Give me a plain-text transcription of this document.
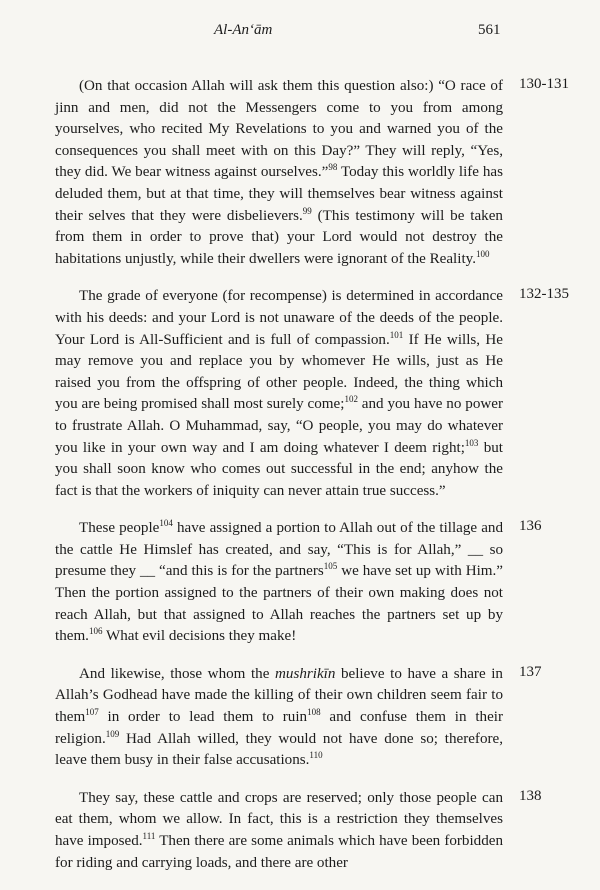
Al-An‘ām	561

(On that occasion Allah will ask them this question also:) “O race of jinn and men, did not the Messengers come to you from among yourselves, who recited My Revelations to you and warned you of the consequences you shall meet with on this Day?” They will reply, “Yes, they did. We bear witness against ourselves.”$^{98}$ Today this worldly life has deluded them, but at that time, they will themselves bear witness against their selves that they were disbelievers.$^{99}$ (This testimony will be taken from them in order to prove that) your Lord would not destroy the habitations unjustly, while their dwellers were ignorant of the Reality.$^{100}$

130-131

The grade of everyone (for recompense) is determined in accordance with his deeds: and your Lord is not unaware of the deeds of the people. Your Lord is All-Sufficient and is full of compassion.$^{101}$ If He wills, He may remove you and replace you by whomever He wills, just as He raised you from the offspring of other people. Indeed, the thing which you are being promised shall most surely come;$^{102}$ and you have no power to frustrate Allah. O Muhammad, say, “O people, you may do whatever you like in your own way and I am doing whatever I deem right;$^{103}$ but you shall soon know who comes out successful in the end; anyhow the fact is that the workers of iniquity can never attain true success.”

132-135

These people$^{104}$ have assigned a portion to Allah out of the tillage and the cattle He Himslef has created, and say, “This is for Allah,” __ so presume they __ “and this is for the partners$^{105}$ we have set up with Him.” Then the portion assigned to the partners of their own making does not reach Allah, but that assigned to Allah reaches the partners set up by them.$^{106}$ What evil decisions they make!

136

And likewise, those whom the mushrikīn believe to have a share in Allah’s Godhead have made the killing of their own children seem fair to them$^{107}$ in order to lead them to ruin$^{108}$ and confuse them in their religion.$^{109}$ Had Allah willed, they would not have done so; therefore, leave them busy in their false accusations.$^{110}$

137

They say, these cattle and crops are reserved; only those people can eat them, whom we allow. In fact, this is a restriction they themselves have imposed.$^{111}$ Then there are some animals which have been forbidden for riding and carrying loads, and there are other

138
